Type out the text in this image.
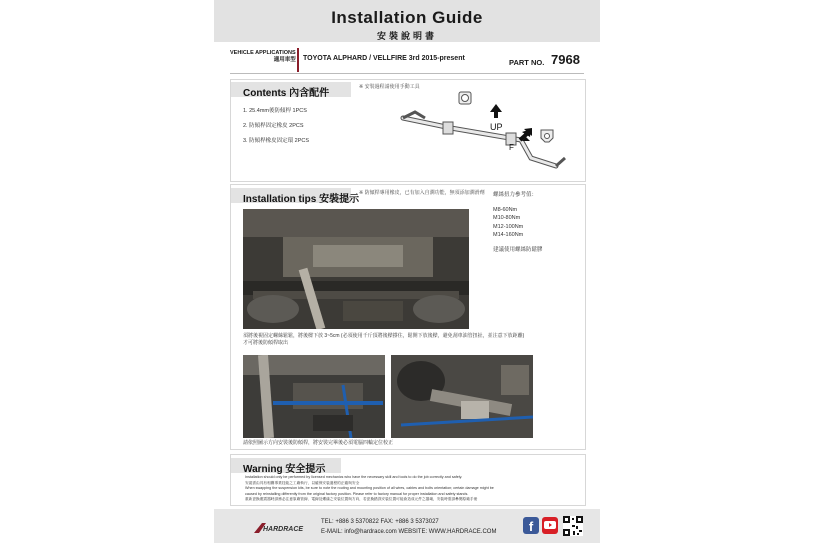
Installation Guide
安裝說明書
VEHICLE APPLICATIONS
適用車型 TOYOTA ALPHARD / VELLFIRE 3rd 2015-present	PART NO. 7968
Contents 內含配件
※ 安裝過程請使用手動工具
1. 25.4mm後防傾桿 1PCS
2. 防傾桿固定橡皮 2PCS
3. 防傾桿橡皮固定環 2PCS
UP
F
Installation tips 安裝提示
※ 防傾桿專用橡皮，已有加入自潤功能，無須添加潤滑劑 螺絲扭力參考值：
M8-60Nm
M10-80Nm
M12-100Nm
M14-160Nm
建議使用螺絲防鬆膠
須將後視固定螺絲鬆鬆，將後樑下放 3~5cm (必須使用千斤頂將後樑撐住，鬆開下放後樑，避免刮車油管扭扯，並注意下放距離)
才可將後防傾桿取出
請依照圖示方向安裝後防傾桿，將安裝完畢後必須電腦四輪定位校正
Warning 安全提示
Installation should only be performed by licensed mechanics who have the necessary skill and tools to do the job correctly and safely.
安裝需由具有相關專業技能之工廠執行，以確保安裝過程的正確與安全
When swapping the suspension kits, be sure to note the routing and mounting position of all wires, cables and bolts orientation; certain damage might be
caused by reinstalling differently from the original factory position. Please refer to factory manual for proper installation and safety stands.
重新更換避震器時請務必注意原廠管線、電線及螺絲之安裝位置與方向，若更換錯誤安裝位置可能會造成元件之損壞，安裝時需請參閱原廠手冊
HARDRACE
TEL: +886 3 5370822 FAX: +886 3 5373027
E-MAIL: info@hardrace.com WEBSITE: WWW.HARDRACE.COM	f
